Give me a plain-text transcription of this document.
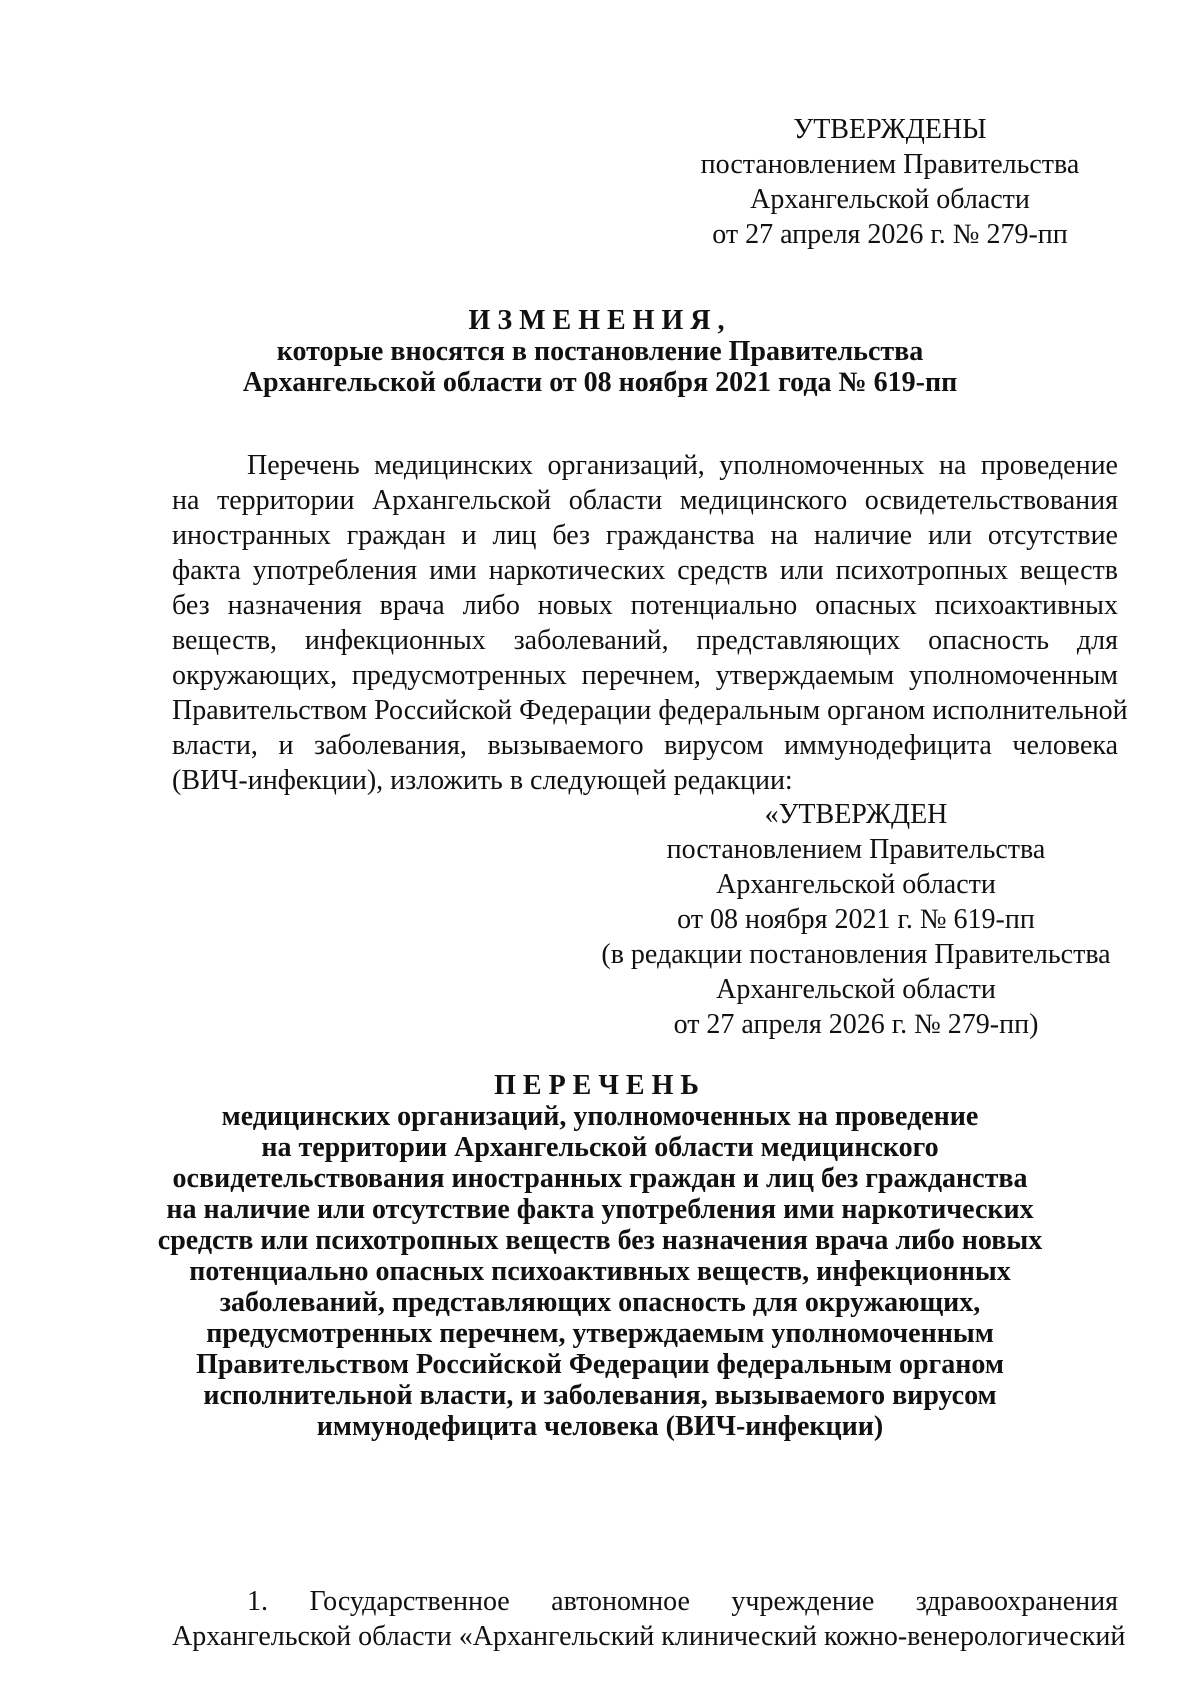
УТВЕРЖДЕНЫ
постановлением Правительства
Архангельской области
от 27 апреля 2026 г. № 279-пп
ИЗМЕНЕНИЯ,
которые вносятся в постановление Правительства
Архангельской области от 08 ноября 2021 года № 619-пп
Перечень медицинских организаций, уполномоченных на проведение
на территории Архангельской области медицинского освидетельствования
иностранных граждан и лиц без гражданства на наличие или отсутствие
факта употребления ими наркотических средств или психотропных веществ
без назначения врача либо новых потенциально опасных психоактивных
веществ, инфекционных заболеваний, представляющих опасность для
окружающих, предусмотренных перечнем, утверждаемым уполномоченным
Правительством Российской Федерации федеральным органом исполнительной
власти, и заболевания, вызываемого вирусом иммунодефицита человека
(ВИЧ-инфекции), изложить в следующей редакции:
«УТВЕРЖДЕН
постановлением Правительства
Архангельской области
от 08 ноября 2021 г. № 619-пп
(в редакции постановления Правительства
Архангельской области
от 27 апреля 2026 г. № 279-пп)
ПЕРЕЧЕНЬ
медицинских организаций, уполномоченных на проведение
на территории Архангельской области медицинского
освидетельствования иностранных граждан и лиц без гражданства
на наличие или отсутствие факта употребления ими наркотических
средств или психотропных веществ без назначения врача либо новых
потенциально опасных психоактивных веществ, инфекционных
заболеваний, представляющих опасность для окружающих,
предусмотренных перечнем, утверждаемым уполномоченным
Правительством Российской Федерации федеральным органом
исполнительной власти, и заболевания, вызываемого вирусом
иммунодефицита человека (ВИЧ-инфекции)
1. Государственное автономное учреждение здравоохранения
Архангельской области «Архангельский клинический кожно-венерологический
